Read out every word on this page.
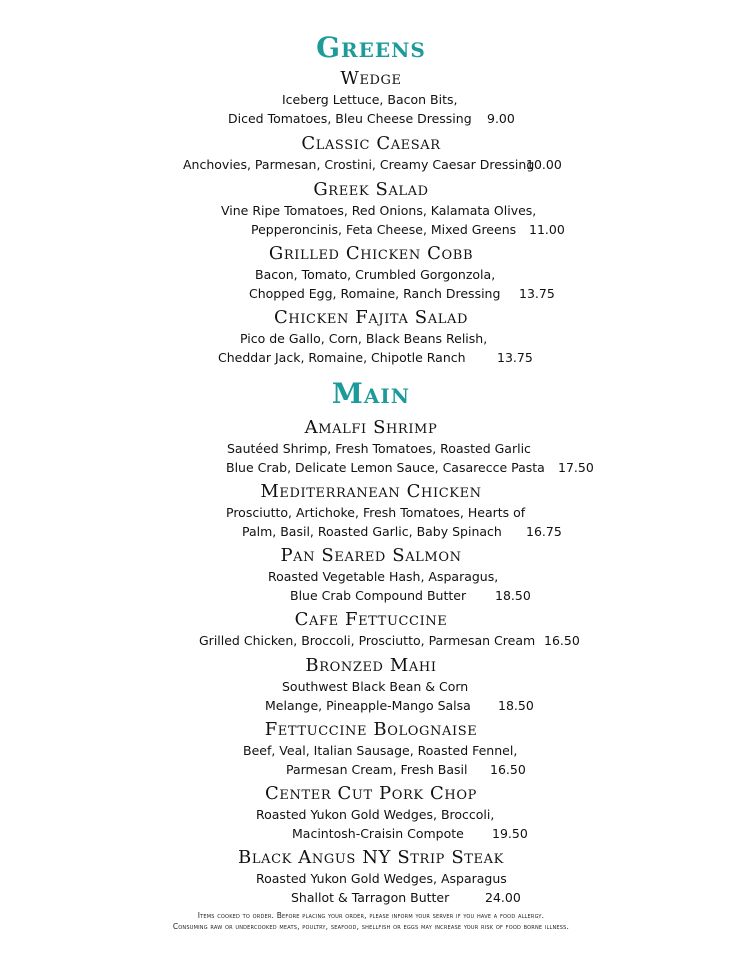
Greens
Wedge
Iceberg Lettuce, Bacon Bits,
Diced Tomatoes, Bleu Cheese Dressing 9.00
Classic Caesar
Anchovies, Parmesan, Crostini, Creamy Caesar Dressing
10.00
Greek Salad
Vine Ripe Tomatoes, Red Onions, Kalamata Olives,
Pepperoncinis, Feta Cheese, Mixed Greens 11.00
Grilled Chicken Cobb
Bacon, Tomato, Crumbled Gorgonzola,
Chopped Egg, Romaine, Ranch Dressing 13.75
Chicken Fajita Salad
Pico de Gallo, Corn, Black Beans Relish,
Cheddar Jack, Romaine, Chipotle Ranch	13.75
Main
Amalfi Shrimp
Sautéed Shrimp, Fresh Tomatoes, Roasted Garlic
Blue Crab, Delicate Lemon Sauce, Casarecce Pasta 17.50
Mediterranean Chicken
Prosciutto, Artichoke, Fresh Tomatoes, Hearts of
Palm, Basil, Roasted Garlic, Baby Spinach 16.75
Pan Seared Salmon
Roasted Vegetable Hash, Asparagus,
Blue Crab Compound Butter 18.50
Cafe Fettuccine
Grilled Chicken, Broccoli, Prosciutto, Parmesan Cream 16.50
Bronzed Mahi
Southwest Black Bean & Corn
Melange, Pineapple-Mango Salsa 18.50
Fettuccine Bolognaise
Beef, Veal, Italian Sausage, Roasted Fennel,
Parmesan Cream, Fresh Basil 16.50
Center Cut Pork Chop
Roasted Yukon Gold Wedges, Broccoli,
Macintosh-Craisin Compote 19.50
Black Angus NY Strip Steak
Roasted Yukon Gold Wedges, Asparagus
Shallot & Tarragon Butter	24.00
Items cooked to order. Before placing your order, please inform your server if you have a food allergy.
Consuming raw or undercooked meats, poultry, seafood, shellfish or eggs may increase your risk of food borne illness.
